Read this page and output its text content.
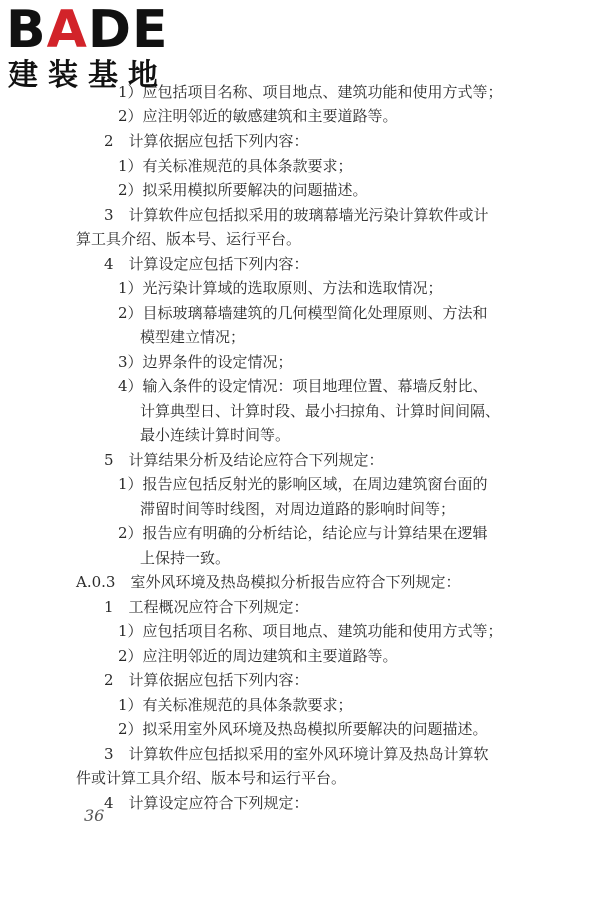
BADE
建装基地
1）应包括项目名称、项目地点、建筑功能和使用方式等；
2）应注明邻近的敏感建筑和主要道路等。
2　计算依据应包括下列内容：
1）有关标准规范的具体条款要求；
2）拟采用模拟所要解决的问题描述。
3　计算软件应包括拟采用的玻璃幕墙光污染计算软件或计
算工具介绍、版本号、运行平台。
4　计算设定应包括下列内容：
1）光污染计算域的选取原则、方法和选取情况；
2）目标玻璃幕墙建筑的几何模型简化处理原则、方法和
模型建立情况；
3）边界条件的设定情况；
4）输入条件的设定情况：项目地理位置、幕墙反射比、
计算典型日、计算时段、最小扫掠角、计算时间间隔、
最小连续计算时间等。
5　计算结果分析及结论应符合下列规定：
1）报告应包括反射光的影响区域，在周边建筑窗台面的
滞留时间等时线图，对周边道路的影响时间等；
2）报告应有明确的分析结论，结论应与计算结果在逻辑
上保持一致。
A.0.3　室外风环境及热岛模拟分析报告应符合下列规定：
1　工程概况应符合下列规定：
1）应包括项目名称、项目地点、建筑功能和使用方式等；
2）应注明邻近的周边建筑和主要道路等。
2　计算依据应包括下列内容：
1）有关标准规范的具体条款要求；
2）拟采用室外风环境及热岛模拟所要解决的问题描述。
3　计算软件应包括拟采用的室外风环境计算及热岛计算软
件或计算工具介绍、版本号和运行平台。
4　计算设定应符合下列规定：
36
